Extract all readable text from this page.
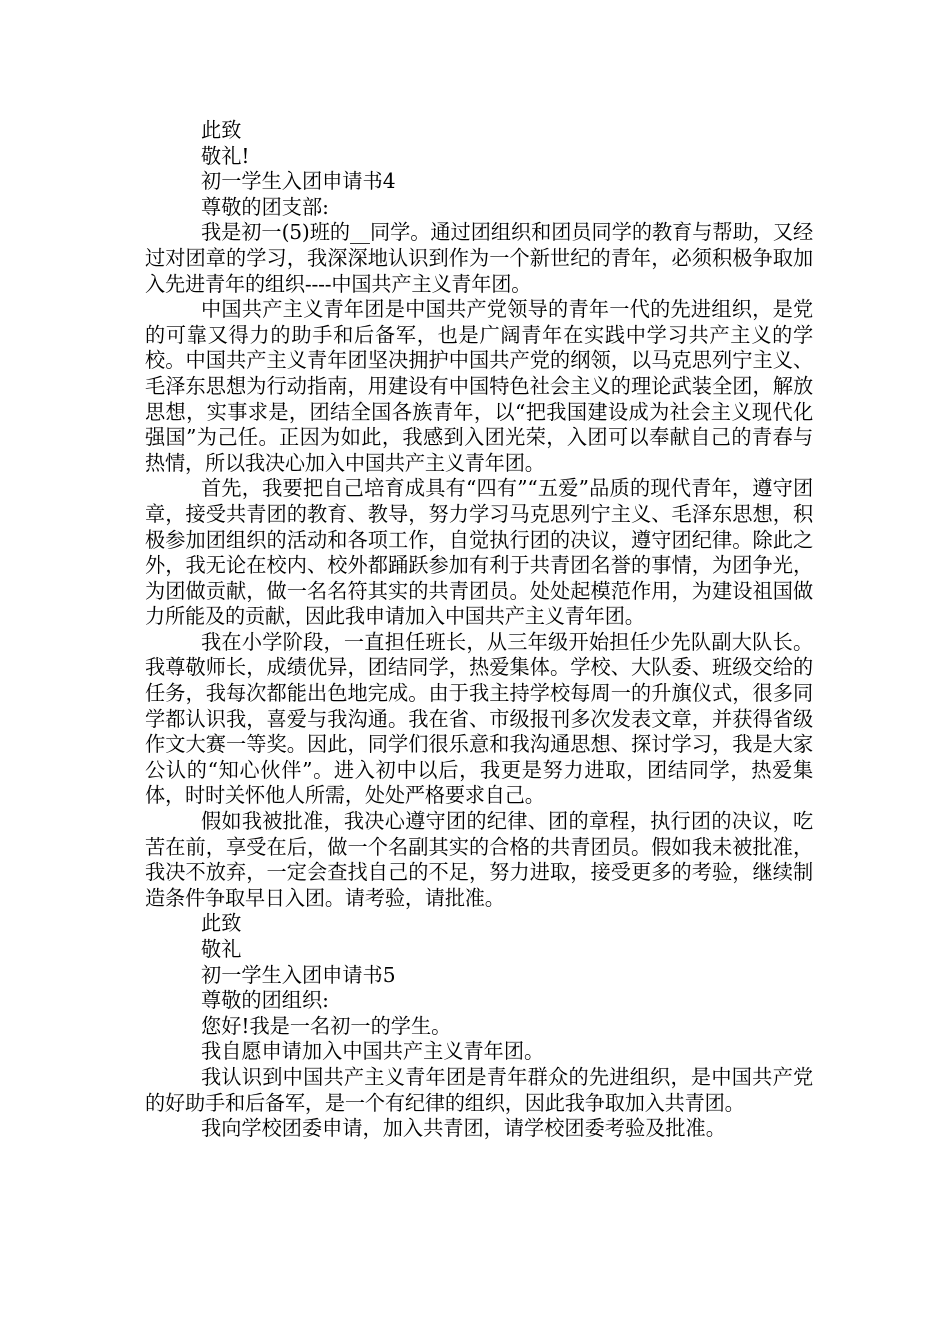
此致

敬礼!

初一学生入团申请书4

尊敬的团支部:

我是初一(5)班的__同学。通过团组织和团员同学的教育与帮助，又经过对团章的学习，我深深地认识到作为一个新世纪的青年，必须积极争取加入先进青年的组织----中国共产主义青年团。

中国共产主义青年团是中国共产党领导的青年一代的先进组织，是党的可靠又得力的助手和后备军，也是广阔青年在实践中学习共产主义的学校。中国共产主义青年团坚决拥护中国共产党的纲领，以马克思列宁主义、毛泽东思想为行动指南，用建设有中国特色社会主义的理论武装全团，解放思想，实事求是，团结全国各族青年，以“把我国建设成为社会主义现代化强国”为己任。正因为如此，我感到入团光荣，入团可以奉献自己的青春与热情，所以我决心加入中国共产主义青年团。

首先，我要把自己培育成具有“四有”“五爱”品质的现代青年，遵守团章，接受共青团的教育、教导，努力学习马克思列宁主义、毛泽东思想，积极参加团组织的活动和各项工作，自觉执行团的决议，遵守团纪律。除此之外，我无论在校内、校外都踊跃参加有利于共青团名誉的事情，为团争光，为团做贡献，做一名名符其实的共青团员。处处起模范作用，为建设祖国做力所能及的贡献，因此我申请加入中国共产主义青年团。

我在小学阶段，一直担任班长，从三年级开始担任少先队副大队长。我尊敬师长，成绩优异，团结同学，热爱集体。学校、大队委、班级交给的任务，我每次都能出色地完成。由于我主持学校每周一的升旗仪式，很多同学都认识我，喜爱与我沟通。我在省、市级报刊多次发表文章，并获得省级作文大赛一等奖。因此，同学们很乐意和我沟通思想、探讨学习，我是大家公认的“知心伙伴”。进入初中以后，我更是努力进取，团结同学，热爱集体，时时关怀他人所需，处处严格要求自己。

假如我被批准，我决心遵守团的纪律、团的章程，执行团的决议，吃苦在前，享受在后，做一个名副其实的合格的共青团员。假如我未被批准，我决不放弃，一定会查找自己的不足，努力进取，接受更多的考验，继续制造条件争取早日入团。请考验，请批准。

此致

敬礼

初一学生入团申请书5

尊敬的团组织:

您好!我是一名初一的学生。

我自愿申请加入中国共产主义青年团。

我认识到中国共产主义青年团是青年群众的先进组织，是中国共产党的好助手和后备军，是一个有纪律的组织，因此我争取加入共青团。

我向学校团委申请，加入共青团，请学校团委考验及批准。
